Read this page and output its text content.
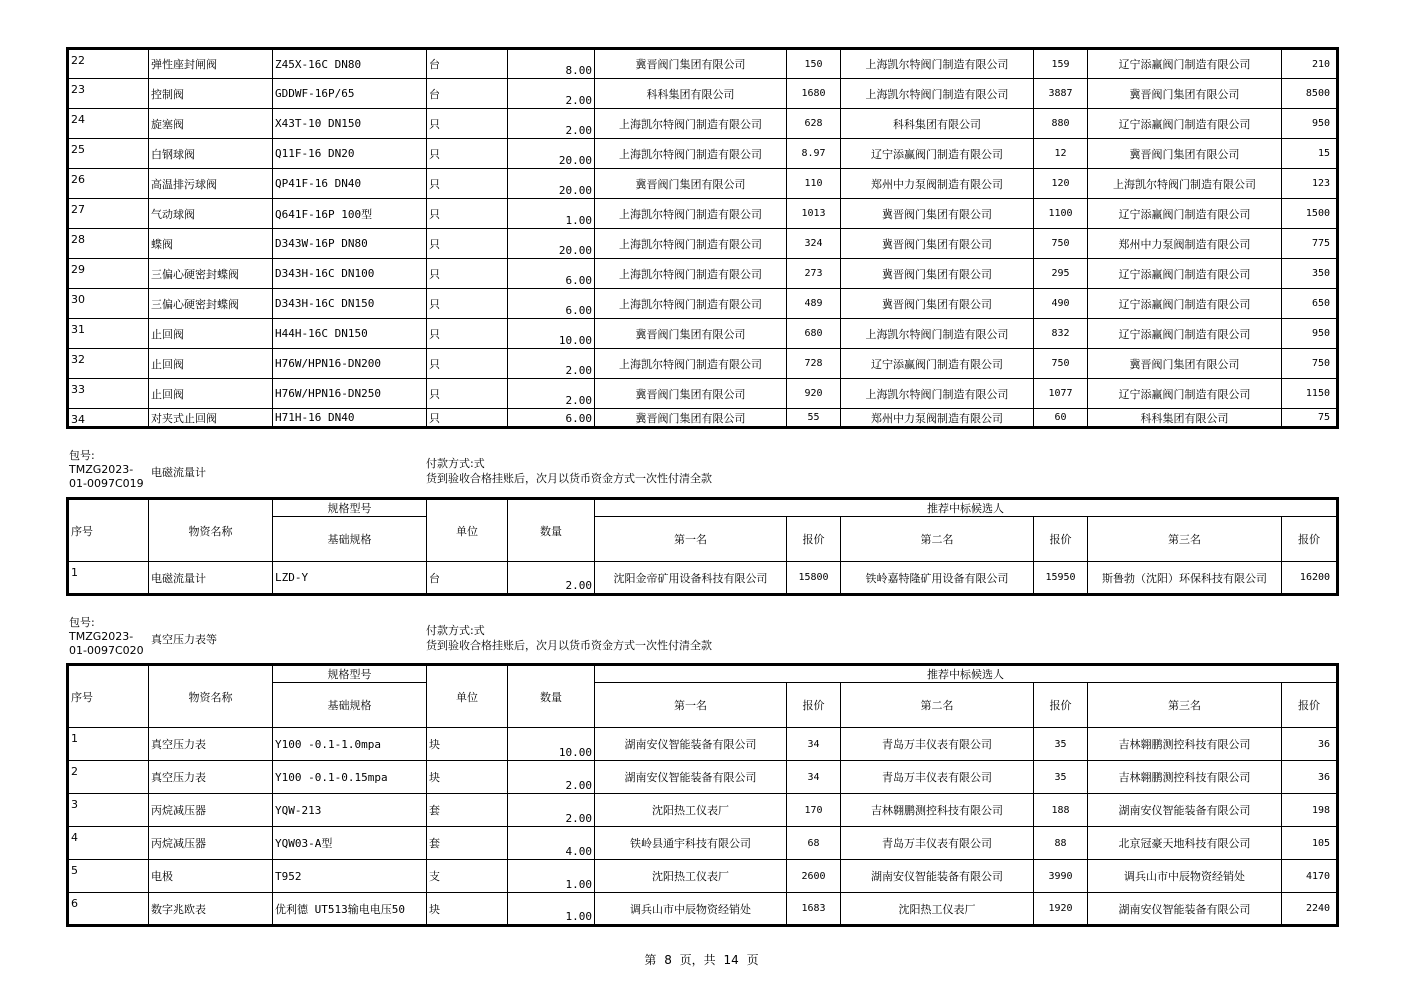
22	弹性座封闸阀	Z45X-16C DN80	台	8.00	冀晋阀门集团有限公司	150	上海凯尔特阀门制造有限公司	159	辽宁添赢阀门制造有限公司	210
23	控制阀	GDDWF-16P/65	台	2.00	科科集团有限公司	1680	上海凯尔特阀门制造有限公司	3887	冀晋阀门集团有限公司	8500
24	旋塞阀	X43T-10 DN150	只	2.00	上海凯尔特阀门制造有限公司	628	科科集团有限公司	880	辽宁添赢阀门制造有限公司	950
25	白钢球阀	Q11F-16 DN20	只	20.00	上海凯尔特阀门制造有限公司	8.97	辽宁添赢阀门制造有限公司	12	冀晋阀门集团有限公司	15
26	高温排污球阀	QP41F-16 DN40	只	20.00	冀晋阀门集团有限公司	110	郑州中力泵阀制造有限公司	120	上海凯尔特阀门制造有限公司	123
27	气动球阀	Q641F-16P 100型	只	1.00	上海凯尔特阀门制造有限公司	1013	冀晋阀门集团有限公司	1100	辽宁添赢阀门制造有限公司	1500
28	蝶阀	D343W-16P DN80	只	20.00	上海凯尔特阀门制造有限公司	324	冀晋阀门集团有限公司	750	郑州中力泵阀制造有限公司	775
29	三偏心硬密封蝶阀	D343H-16C DN100	只	6.00	上海凯尔特阀门制造有限公司	273	冀晋阀门集团有限公司	295	辽宁添赢阀门制造有限公司	350
30	三偏心硬密封蝶阀	D343H-16C DN150	只	6.00	上海凯尔特阀门制造有限公司	489	冀晋阀门集团有限公司	490	辽宁添赢阀门制造有限公司	650
31	止回阀	H44H-16C DN150	只	10.00	冀晋阀门集团有限公司	680	上海凯尔特阀门制造有限公司	832	辽宁添赢阀门制造有限公司	950
32	止回阀	H76W/HPN16-DN200	只	2.00	上海凯尔特阀门制造有限公司	728	辽宁添赢阀门制造有限公司	750	冀晋阀门集团有限公司	750
33	止回阀	H76W/HPN16-DN250	只	2.00	冀晋阀门集团有限公司	920	上海凯尔特阀门制造有限公司	1077	辽宁添赢阀门制造有限公司	1150
34	对夹式止回阀	H71H-16 DN40	只	6.00	冀晋阀门集团有限公司	55	郑州中力泵阀制造有限公司	60	科科集团有限公司	75
包号:
TMZG2023-
01-0097C019
电磁流量计
付款方式:式
货到验收合格挂账后，次月以货币资金方式一次性付清全款
序号	物资名称	规格型号	单位	数量	推荐中标候选人					
		基础规格			第一名	报价	第二名	报价	第三名	报价
1	电磁流量计	LZD-Y	台	2.00	沈阳金帝矿用设备科技有限公司	15800	铁岭嘉特隆矿用设备有限公司	15950	斯鲁勃（沈阳）环保科技有限公司	16200
包号:
TMZG2023-
01-0097C020
真空压力表等
付款方式:式
货到验收合格挂账后，次月以货币资金方式一次性付清全款
序号	物资名称	规格型号	单位	数量	推荐中标候选人					
		基础规格			第一名	报价	第二名	报价	第三名	报价
1	真空压力表	Y100 -0.1-1.0mpa	块	10.00	湖南安仪智能装备有限公司	34	青岛万丰仪表有限公司	35	吉林翱鹏测控科技有限公司	36
2	真空压力表	Y100 -0.1-0.15mpa	块	2.00	湖南安仪智能装备有限公司	34	青岛万丰仪表有限公司	35	吉林翱鹏测控科技有限公司	36
3	丙烷减压器	YQW-213	套	2.00	沈阳热工仪表厂	170	吉林翱鹏测控科技有限公司	188	湖南安仪智能装备有限公司	198
4	丙烷减压器	YQW03-A型	套	4.00	铁岭县通宇科技有限公司	68	青岛万丰仪表有限公司	88	北京冠豪天地科技有限公司	105
5	电极	T952	支	1.00	沈阳热工仪表厂	2600	湖南安仪智能装备有限公司	3990	调兵山市中辰物资经销处	4170
6	数字兆欧表	优利德 UT513输电电压50	块	1.00	调兵山市中辰物资经销处	1683	沈阳热工仪表厂	1920	湖南安仪智能装备有限公司	2240
第 8 页，共 14 页
